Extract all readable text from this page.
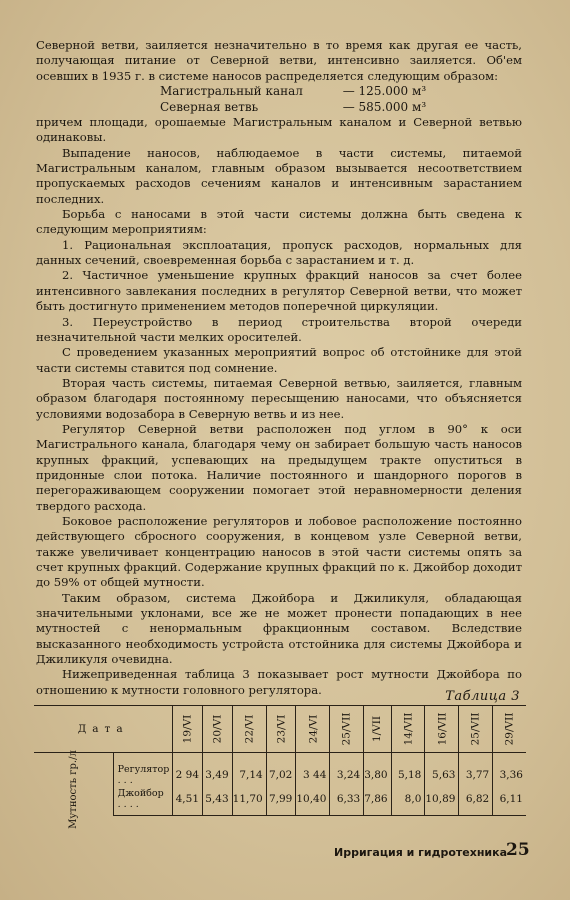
Северной ветви, заиляется незначительно в то время как другая ее часть, получающая питание от Северной ветви, интенсивно заиляется. Об'ем осевших в 1935 г. в системе наносов распределяется следующим образом:

Магистральный канал	— 125.000 м³
Северная ветвь	— 585.000 м³

причем площади, орошаемые Магистральным каналом и Северной ветвью одинаковы.

Выпадение наносов, наблюдаемое в части системы, питаемой Магистральным каналом, главным образом вызывается несоответствием пропускаемых расходов сечениям каналов и интенсивным зарастанием последних.

Борьба с наносами в этой части системы должна быть сведена к следующим мероприятиям:

1. Рациональная эксплоатация, пропуск расходов, нормальных для данных сечений, своевременная борьба с зарастанием и т. д.

2. Частичное уменьшение крупных фракций наносов за счет более интенсивного завлекания последних в регулятор Северной ветви, что может быть достигнуто применением методов поперечной циркуляции.

3. Переустройство в период строительства второй очереди незначительной части мелких оросителей.

С проведением указанных мероприятий вопрос об отстойнике для этой части системы ставится под сомнение.

Вторая часть системы, питаемая Северной ветвью, заиляется, главным образом благодаря постоянному пересыщению наносами, что объясняется условиями водозабора в Северную ветвь и из нее.

Регулятор Северной ветви расположен под углом в 90° к оси Магистрального канала, благодаря чему он забирает большую часть наносов крупных фракций, успевающих на предыдущем тракте опуститься в придонные слои потока. Наличие постоянного и шандорного порогов в перегораживающем сооружении помогает этой неравномерности деления твердого расхода.

Боковое расположение регуляторов и лобовое расположение постоянно действующего сбросного сооружения, в концевом узле Северной ветви, также увеличивает концентрацию наносов в этой части системы опять за счет крупных фракций. Содержание крупных фракций по к. Джойбор доходит до 59% от общей мутности.

Таким образом, система Джойбора и Джиликуля, обладающая значительными уклонами, все же не может пронести попадающих в нее мутностей с ненормальным фракционным составом. Вследствие высказанного необходимость устройста отстойника для системы Джойбора и Джиликуля очевидна.

Нижеприведенная таблица 3 показывает рост мутности Джойбора по отношению к мутности головного регулятора.	Таблица 3
Дата		19/VI	20/VI	22/VI	23/VI	24/VI	25/VII	1/VII	14/VII	16/VII	25/VII	29/VII
Мутность гр./л	Регулятор . . .	2 94	3,49	7,14	7,02	3 44	3,24	3,80	5,18	5,63	3,77	3,36
	Джойбор . . . .	4,51	5,43	11,70	7,99	10,40	6,33	7,86	8,0	10,89	6,82	6,11
Ирригация и гидротехника
25
